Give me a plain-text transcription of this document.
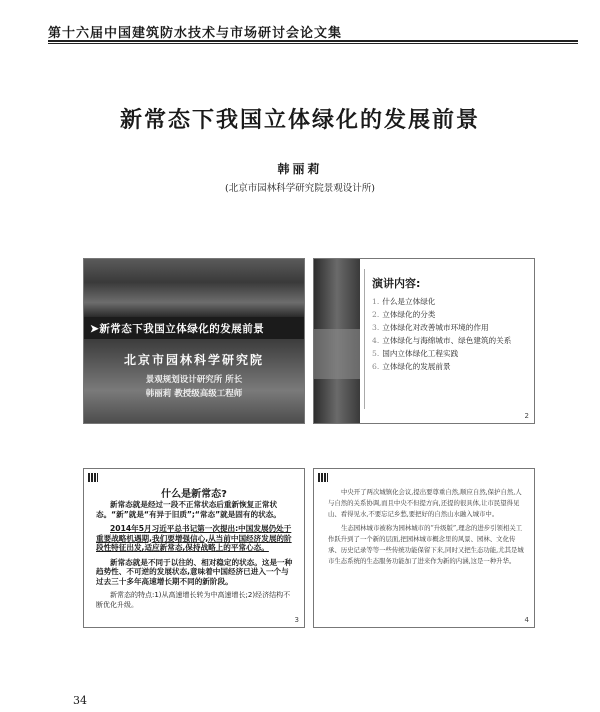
第十六届中国建筑防水技术与市场研讨会论文集
新常态下我国立体绿化的发展前景
韩丽莉
(北京市园林科学研究院景观设计所)
➤新常态下我国立体绿化的发展前景
北京市园林科学研究院
景观规划设计研究所 所长
韩丽莉 教授级高级工程师
演讲内容:
1. 什么是立体绿化
2. 立体绿化的分类
3. 立体绿化对改善城市环境的作用
4. 立体绿化与海绵城市、绿色建筑的关系
5. 国内立体绿化工程实践
6. 立体绿化的发展前景
2
什么是新常态?

新常态就是经过一段不正常状态后重新恢复正常状态。“新”就是“有异于旧质”;“常态”就是固有的状态。

2014年5月习近平总书记第一次提出:中国发展仍处于重要战略机遇期,我们要增强信心,从当前中国经济发展的阶段性特征出发,适应新常态,保持战略上的平常心态。

新常态就是不同于以往的、相对稳定的状态。这是一种趋势性、不可逆的发展状态,意味着中国经济已进入一个与过去三十多年高速增长期不同的新阶段。

新常态的特点:1)从高速增长转为中高速增长;2)经济结构不断优化升级。

3

中央开了两次城镇化会议,提出要尊重自然,顺应自然,保护自然,人与自然的关系协调,而且中央不但提方向,还提的很具体,让市民望得见山、看得见水,不要忘记乡愁,要把好的自然山水融入城市中。

生态园林城市被称为园林城市的“升级版”,理念的进步引领相关工作跃升到了一个新的层面,把园林城市概念里的风景、园林、文化传承、历史记录等等一些传统功能保留下来,同时又把生态功能,尤其是城市生态系统的生态服务功能加了进来作为新的内涵,这是一种升华。

4
34
